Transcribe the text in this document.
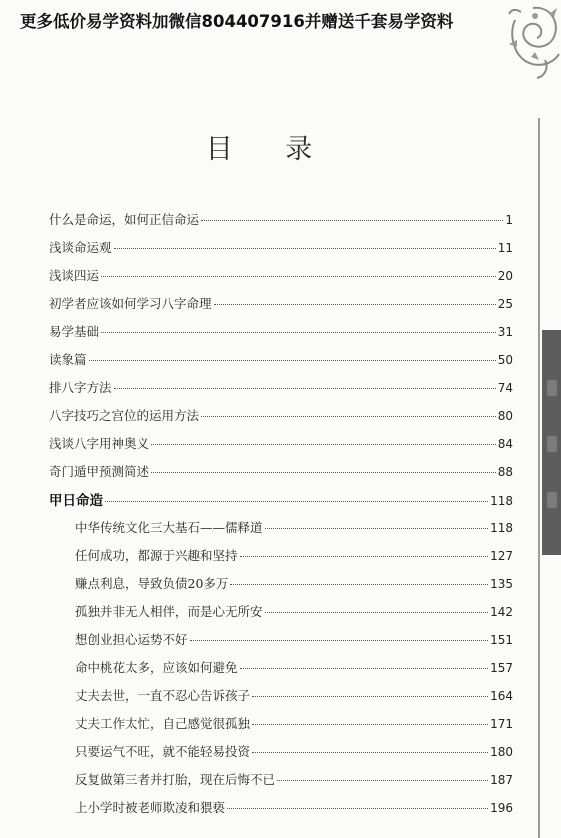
更多低价易学资料加微信804407916并赠送千套易学资料
目 录
什么是命运，如何正信命运	1
浅谈命运观	11
浅谈四运	20
初学者应该如何学习八字命理	25
易学基础	31
读象篇	50
排八字方法	74
八字技巧之宫位的运用方法	80
浅谈八字用神奥义	84
奇门遁甲预测简述	88
甲日命造	118
中华传统文化三大基石——儒释道	118
任何成功，都源于兴趣和坚持	127
赚点利息，导致负债20多万	135
孤独并非无人相伴，而是心无所安	142
想创业担心运势不好	151
命中桃花太多，应该如何避免	157
丈夫去世，一直不忍心告诉孩子	164
丈夫工作太忙，自己感觉很孤独	171
只要运气不旺，就不能轻易投资	180
反复做第三者并打胎，现在后悔不已	187
上小学时被老师欺凌和猥亵	196
